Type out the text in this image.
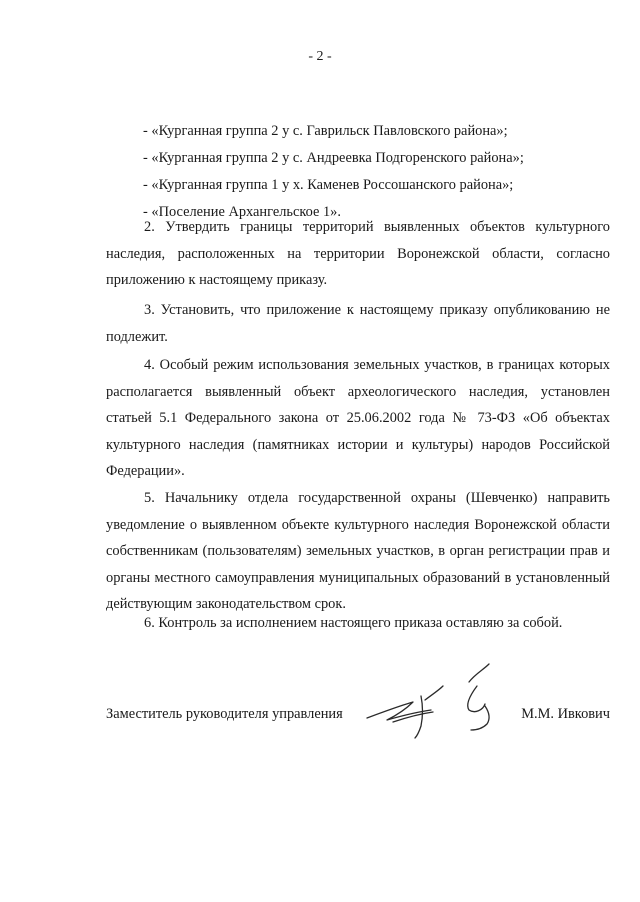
- 2 -
- «Курганная группа 2 у с. Гаврильск Павловского района»;
- «Курганная группа 2 у с. Андреевка Подгоренского района»;
- «Курганная группа 1 у х. Каменев Россошанского района»;
- «Поселение Архангельское 1».

2. Утвердить границы территорий выявленных объектов культурного наследия, расположенных на территории Воронежской области, согласно приложению к настоящему приказу.

3. Установить, что приложение к настоящему приказу опубликованию не подлежит.

4. Особый режим использования земельных участков, в границах которых располагается выявленный объект археологического наследия, установлен статьей 5.1 Федерального закона от 25.06.2002 года № 73-ФЗ «Об объектах культурного наследия (памятниках истории и культуры) народов Российской Федерации».

5. Начальнику отдела государственной охраны (Шевченко) направить уведомление о выявленном объекте культурного наследия Воронежской области собственникам (пользователям) земельных участков, в орган регистрации прав и органы местного самоуправления муниципальных образований в установленный действующим законодательством срок.

6. Контроль за исполнением настоящего приказа оставляю за собой.

Заместитель руководителя управления	М.М. Ивкович
